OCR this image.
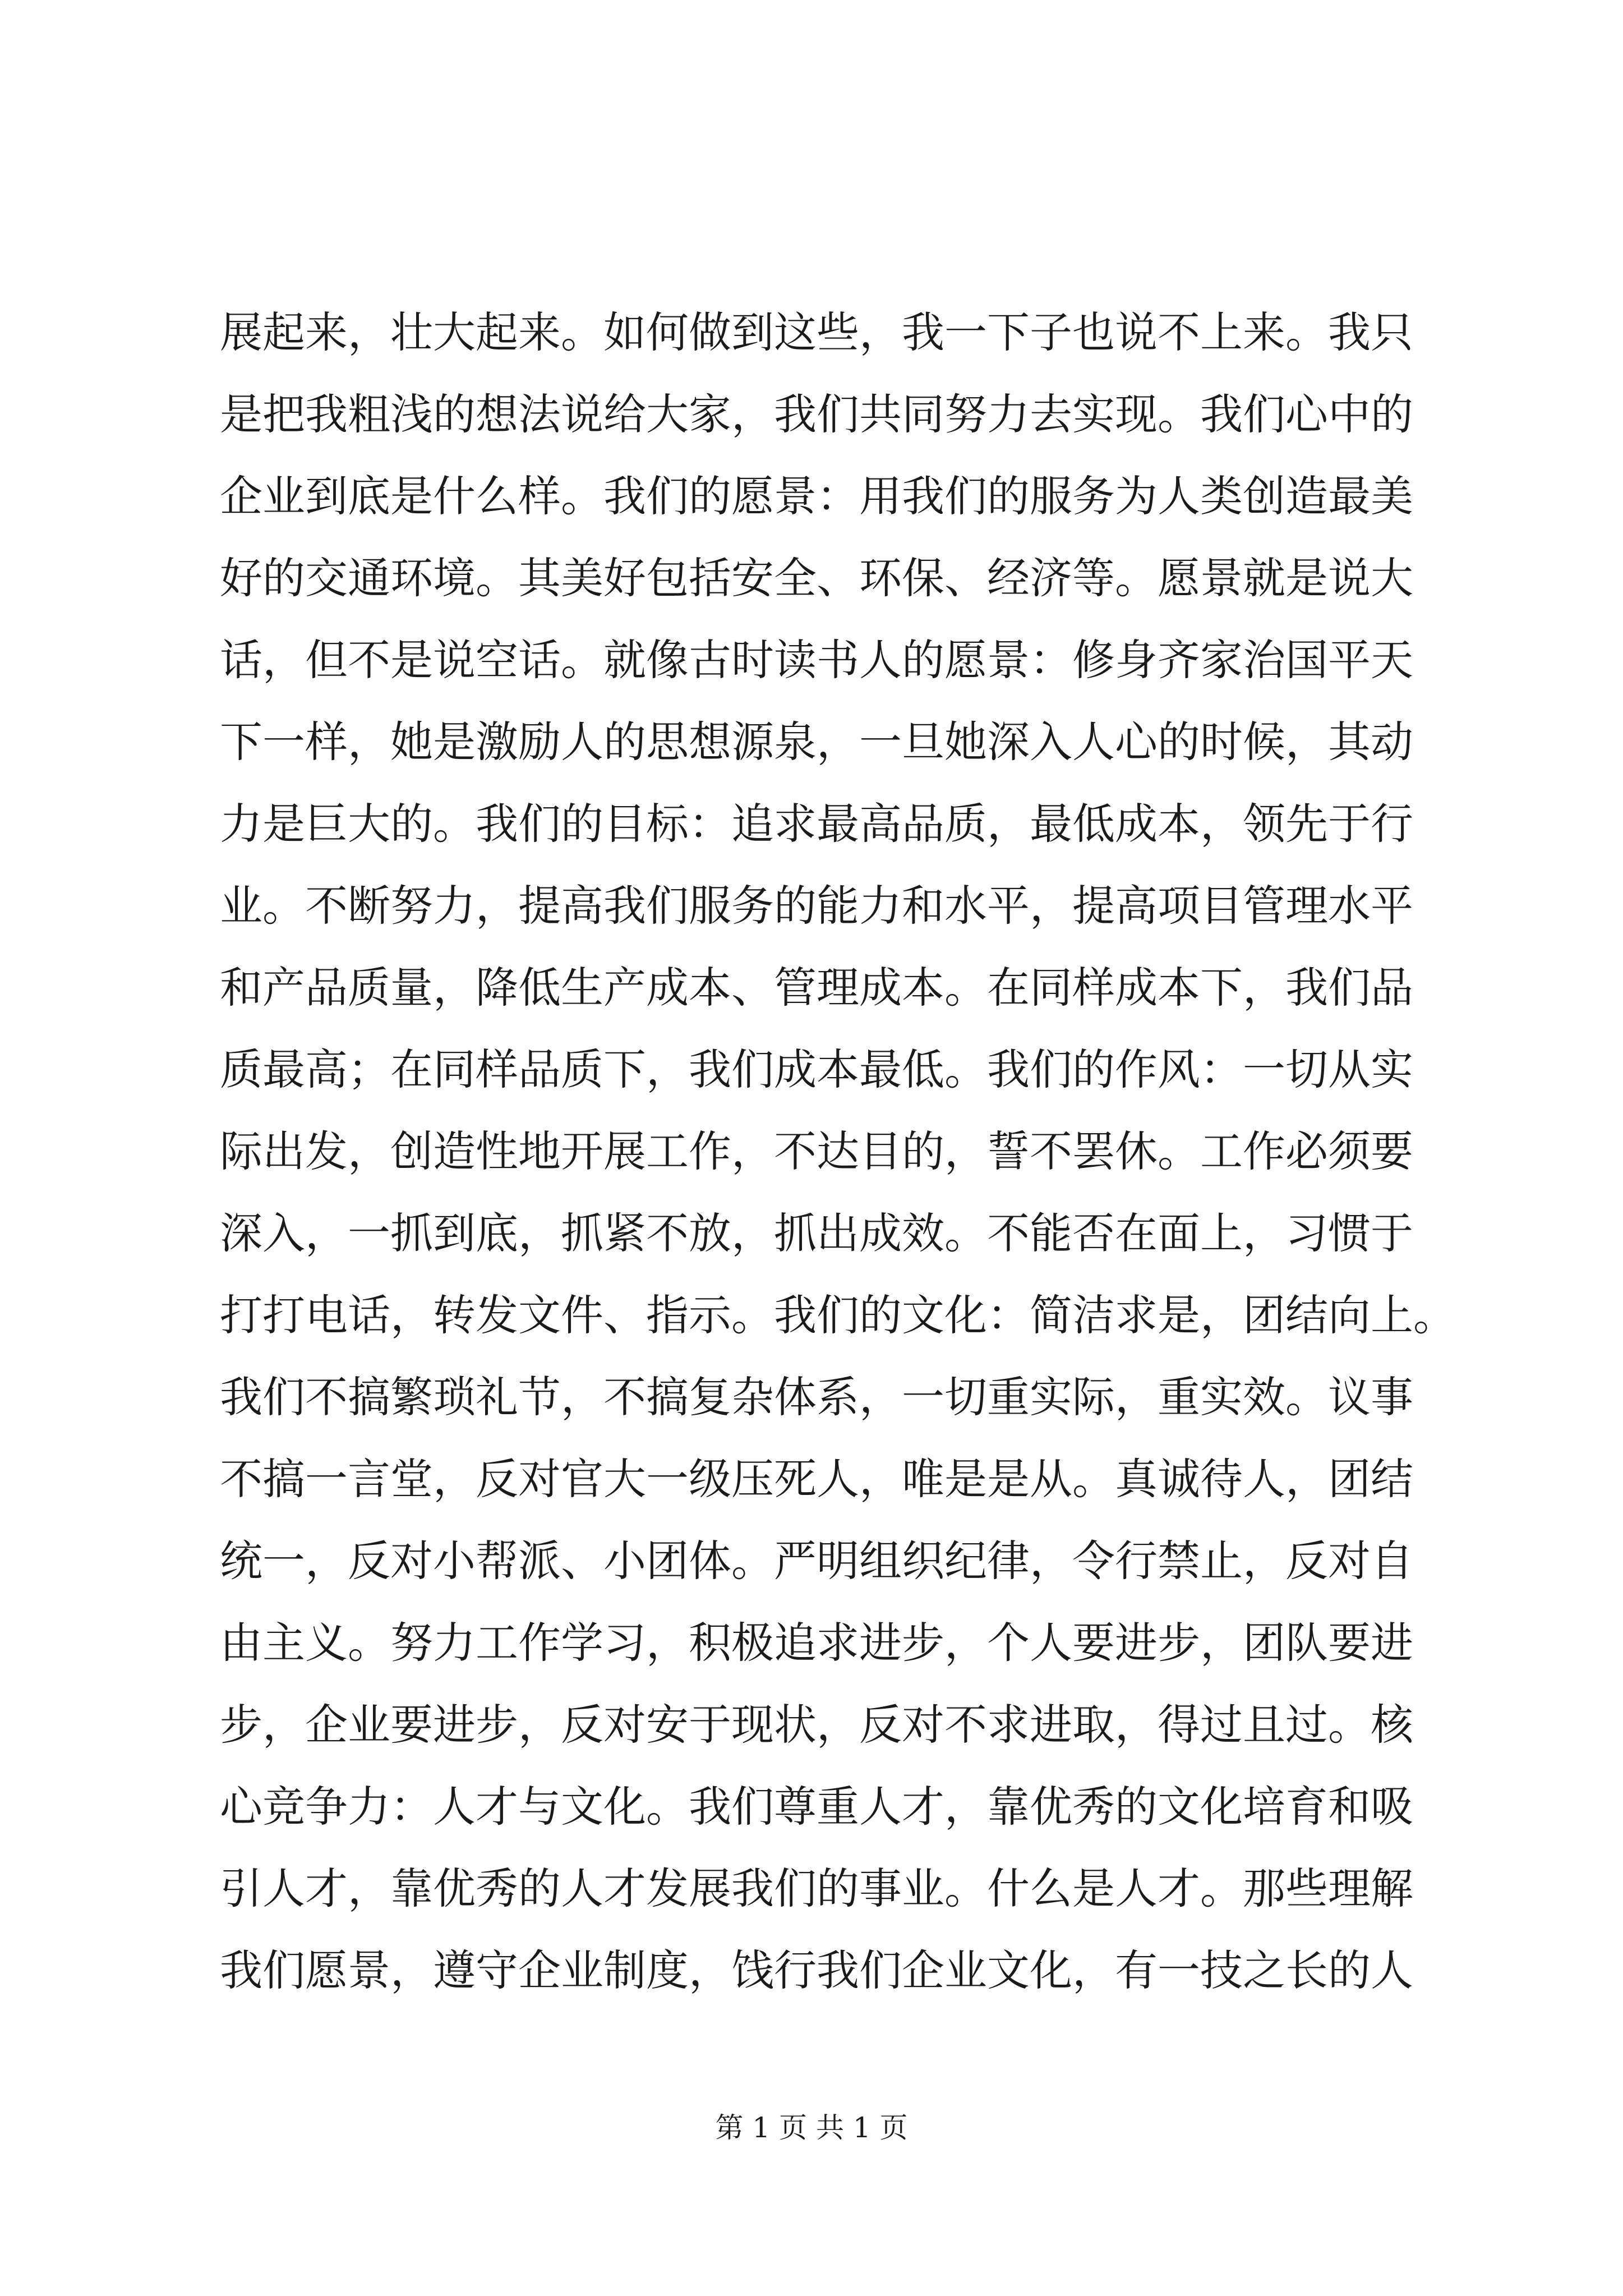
展起来，壮大起来。如何做到这些，我一下子也说不上来。我只
是把我粗浅的想法说给大家，我们共同努力去实现。我们心中的
企业到底是什么样。我们的愿景：用我们的服务为人类创造最美
好的交通环境。其美好包括安全、环保、经济等。愿景就是说大
话，但不是说空话。就像古时读书人的愿景：修身齐家治国平天
下一样，她是激励人的思想源泉，一旦她深入人心的时候，其动
力是巨大的。我们的目标：追求最高品质，最低成本，领先于行
业。不断努力，提高我们服务的能力和水平，提高项目管理水平
和产品质量，降低生产成本、管理成本。在同样成本下，我们品
质最高；在同样品质下，我们成本最低。我们的作风：一切从实
际出发，创造性地开展工作，不达目的，誓不罢休。工作必须要
深入，一抓到底，抓紧不放，抓出成效。不能否在面上，习惯于
打打电话，转发文件、指示。我们的文化：简洁求是，团结向上。
我们不搞繁琐礼节，不搞复杂体系，一切重实际，重实效。议事
不搞一言堂，反对官大一级压死人，唯是是从。真诚待人，团结
统一，反对小帮派、小团体。严明组织纪律，令行禁止，反对自
由主义。努力工作学习，积极追求进步，个人要进步，团队要进
步，企业要进步，反对安于现状，反对不求进取，得过且过。核
心竞争力：人才与文化。我们尊重人才，靠优秀的文化培育和吸
引人才，靠优秀的人才发展我们的事业。什么是人才。那些理解
我们愿景，遵守企业制度，饯行我们企业文化，有一技之长的人
第 1 页 共 1 页
